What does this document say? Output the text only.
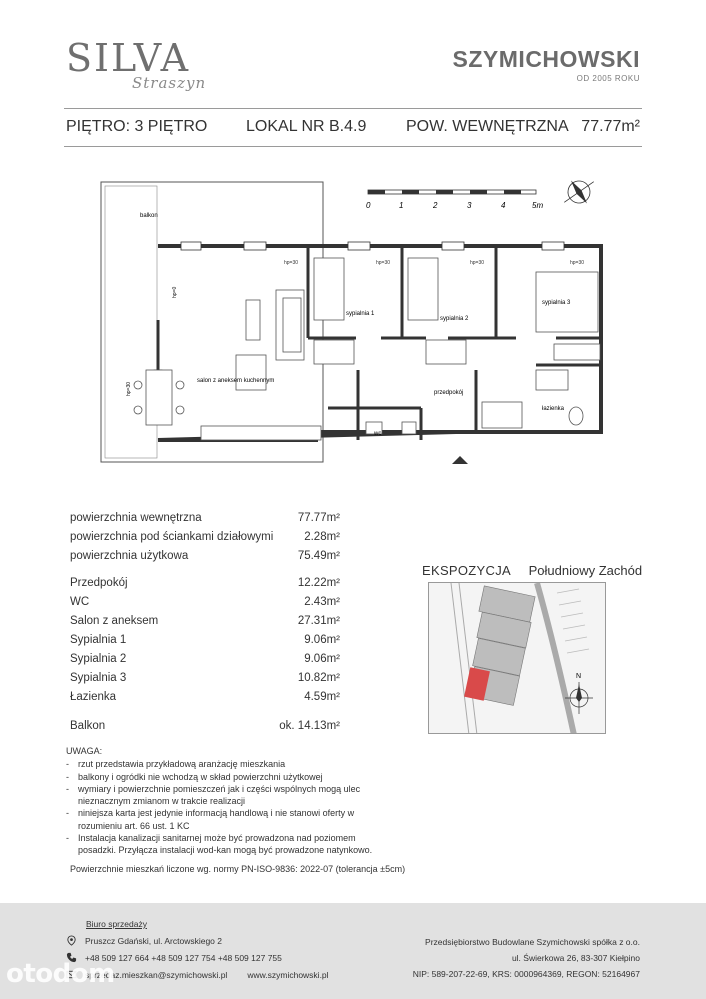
SILVA
Straszyn
SZYMICHOWSKI
OD 2005 ROKU
PIĘTRO: 3 PIĘTRO LOKAL NR B.4.9 POW. WEWNĘTRZNA 77.77m²
0	1	2	3	4	5m
balkon
hp=30	hp=30	hp=30	hp=30
hp=0
hp=30
salon z aneksem kuchennym
sypialnia 1
sypialnia 2
sypialnia 3
przedpokój
łazienka
wc
powierzchnia wewnętrzna	77.77m²
powierzchnia pod ściankami działowymi	2.28m²
powierzchnia użytkowa	75.49m²
Przedpokój	12.22m²
WC	2.43m²
Salon z aneksem	27.31m²
Sypialnia 1	9.06m²
Sypialnia 2	9.06m²
Sypialnia 3	10.82m²
Łazienka	4.59m²
Balkon	ok. 14.13m²
EKSPOZYCJA Południowy Zachód
N
UWAGA:
- rzut przedstawia przykładową aranżację mieszkania
- balkony i ogródki nie wchodzą w skład powierzchni użytkowej
- wymiary i powierzchnie pomieszczeń jak i części wspólnych mogą ulec nieznacznym zmianom w trakcie realizacji
- niniejsza karta jest jedynie informacją handlową i nie stanowi oferty w rozumieniu art. 66 ust. 1 KC
- Instalacja kanalizacji sanitarnej może być prowadzona nad poziomem posadzki. Przyłącza instalacji wod-kan mogą być prowadzone natynkowo.
Powierzchnie mieszkań liczone wg. normy PN-ISO-9836: 2022-07 (tolerancja ±5cm)
Biuro sprzedaży
Pruszcz Gdański, ul. Arctowskiego 2
+48 509 127 664 +48 509 127 754 +48 509 127 755
sprzedaz.mieszkan@szymichowski.pl www.szymichowski.pl
Przedsiębiorstwo Budowlane Szymichowski spółka z o.o.
ul. Świerkowa 26, 83-307 Kiełpino
NIP: 589-207-22-69, KRS: 0000964369, REGON: 52164967
otodom
